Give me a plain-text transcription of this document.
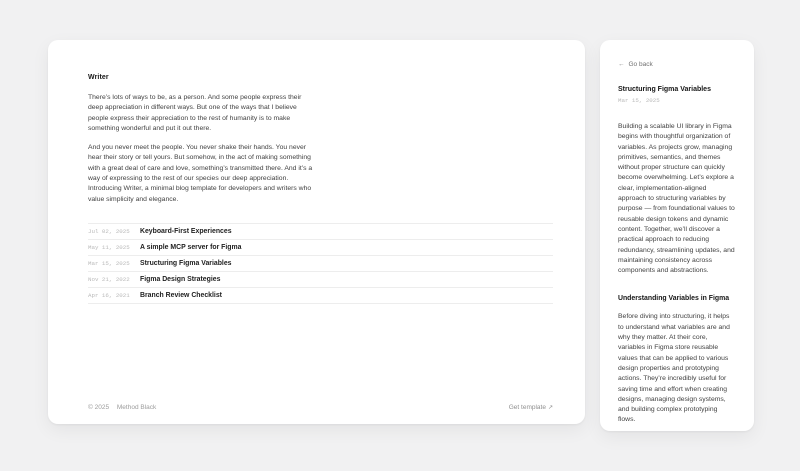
Writer

There’s lots of ways to be, as a person. And some people express their deep appreciation in different ways. But one of the ways that I believe people express their appreciation to the rest of humanity is to make something wonderful and put it out there.

And you never meet the people. You never shake their hands. You never hear their story or tell yours. But somehow, in the act of making something with a great deal of care and love, something’s transmitted there. And it’s a way of expressing to the rest of our species our deep appreciation. Introducing Writer, a minimal blog template for developers and writers who value simplicity and elegance.

Jul 02, 2025 Keyboard-First Experiences
May 11, 2025 A simple MCP server for Figma
Mar 15, 2025 Structuring Figma Variables
Nov 21, 2022 Figma Design Strategies
Apr 16, 2021 Branch Review Checklist
© 2025 Method Black	Get template ↗
← Go back
Structuring Figma Variables
Mar 15, 2025

Building a scalable UI library in Figma begins with thoughtful organization of variables. As projects grow, managing primitives, semantics, and themes without proper structure can quickly become overwhelming. Let’s explore a clear, implementation-aligned approach to structuring variables by purpose — from foundational values to reusable design tokens and dynamic content. Together, we’ll discover a practical approach to reducing redundancy, streamlining updates, and maintaining consistency across components and abstractions.

Understanding Variables in Figma

Before diving into structuring, it helps to understand what variables are and why they matter. At their core, variables in Figma store reusable values that can be applied to various design properties and prototyping actions. They’re incredibly useful for saving time and effort when creating designs, managing design systems, and building complex prototyping flows.
